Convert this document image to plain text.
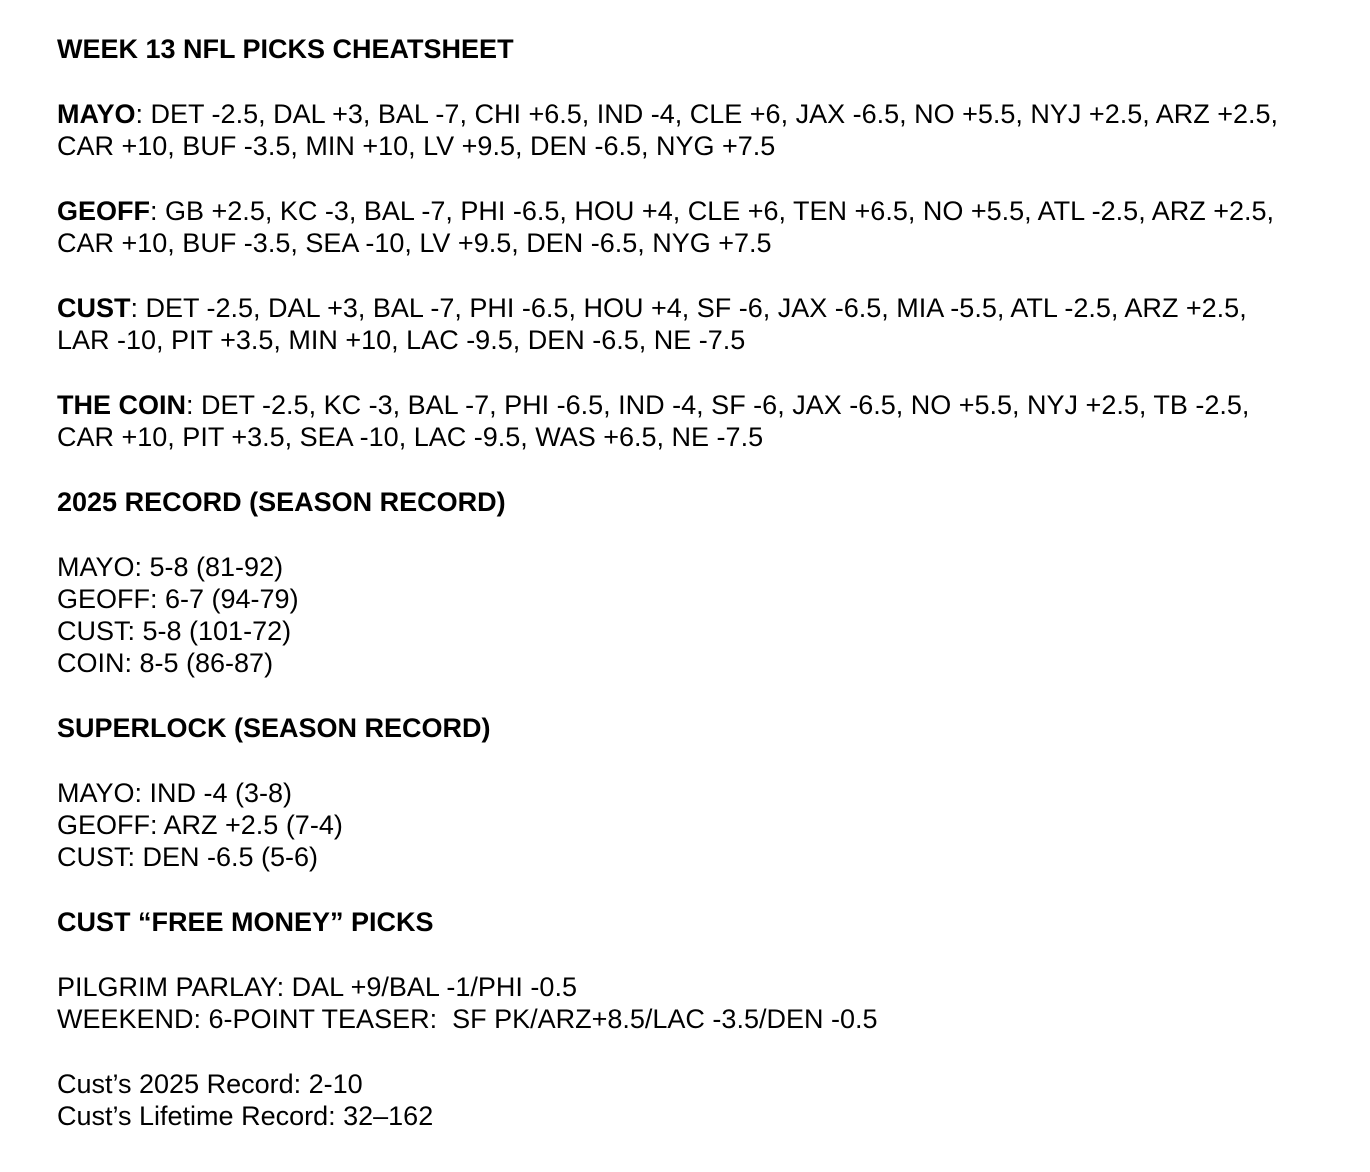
WEEK 13 NFL PICKS CHEATSHEET
MAYO: DET -2.5, DAL +3, BAL -7, CHI +6.5, IND -4, CLE +6, JAX -6.5, NO +5.5, NYJ +2.5, ARZ +2.5, CAR +10, BUF -3.5, MIN +10, LV +9.5, DEN -6.5, NYG +7.5
GEOFF: GB +2.5, KC -3, BAL -7, PHI -6.5, HOU +4, CLE +6, TEN +6.5, NO +5.5, ATL -2.5, ARZ +2.5, CAR +10, BUF -3.5, SEA -10, LV +9.5, DEN -6.5, NYG +7.5
CUST: DET -2.5, DAL +3, BAL -7, PHI -6.5, HOU +4, SF -6, JAX -6.5, MIA -5.5, ATL -2.5, ARZ +2.5, LAR -10, PIT +3.5, MIN +10, LAC -9.5, DEN -6.5, NE -7.5
THE COIN: DET -2.5, KC -3, BAL -7, PHI -6.5, IND -4, SF -6, JAX -6.5, NO +5.5, NYJ +2.5, TB -2.5, CAR +10, PIT +3.5, SEA -10, LAC -9.5, WAS +6.5, NE -7.5
2025 RECORD (SEASON RECORD)
MAYO: 5-8 (81-92)
GEOFF: 6-7 (94-79)
CUST: 5-8 (101-72)
COIN: 8-5 (86-87)
SUPERLOCK (SEASON RECORD)
MAYO: IND -4 (3-8)
GEOFF: ARZ +2.5 (7-4)
CUST: DEN -6.5 (5-6)
CUST “FREE MONEY” PICKS
PILGRIM PARLAY: DAL +9/BAL -1/PHI -0.5
WEEKEND: 6-POINT TEASER:  SF PK/ARZ+8.5/LAC -3.5/DEN -0.5
Cust’s 2025 Record: 2-10
Cust’s Lifetime Record: 32–162
